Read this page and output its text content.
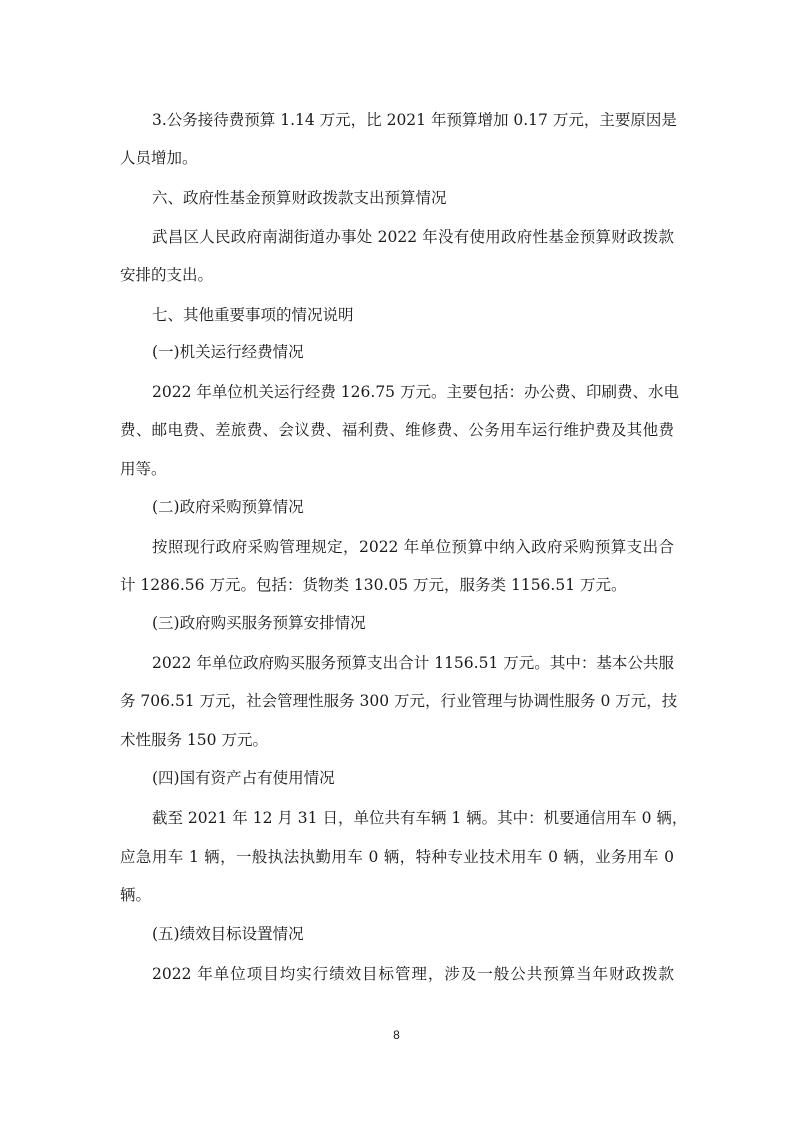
3.公务接待费预算 1.14 万元，比 2021 年预算增加 0.17 万元，主要原因是
人员增加。
六、政府性基金预算财政拨款支出预算情况
武昌区人民政府南湖街道办事处 2022 年没有使用政府性基金预算财政拨款
安排的支出。
七、其他重要事项的情况说明
(一)机关运行经费情况
2022 年单位机关运行经费 126.75 万元。主要包括：办公费、印刷费、水电
费、邮电费、差旅费、会议费、福利费、维修费、公务用车运行维护费及其他费
用等。
(二)政府采购预算情况
按照现行政府采购管理规定，2022 年单位预算中纳入政府采购预算支出合
计 1286.56 万元。包括：货物类 130.05 万元，服务类 1156.51 万元。
(三)政府购买服务预算安排情况
2022 年单位政府购买服务预算支出合计 1156.51 万元。其中：基本公共服
务 706.51 万元，社会管理性服务 300 万元，行业管理与协调性服务 0 万元，技
术性服务 150 万元。
(四)国有资产占有使用情况
截至 2021 年 12 月 31 日，单位共有车辆 1 辆。其中：机要通信用车 0 辆，
应急用车 1 辆，一般执法执勤用车 0 辆，特种专业技术用车 0 辆，业务用车 0
辆。
(五)绩效目标设置情况
2022 年单位项目均实行绩效目标管理，涉及一般公共预算当年财政拨款
8
